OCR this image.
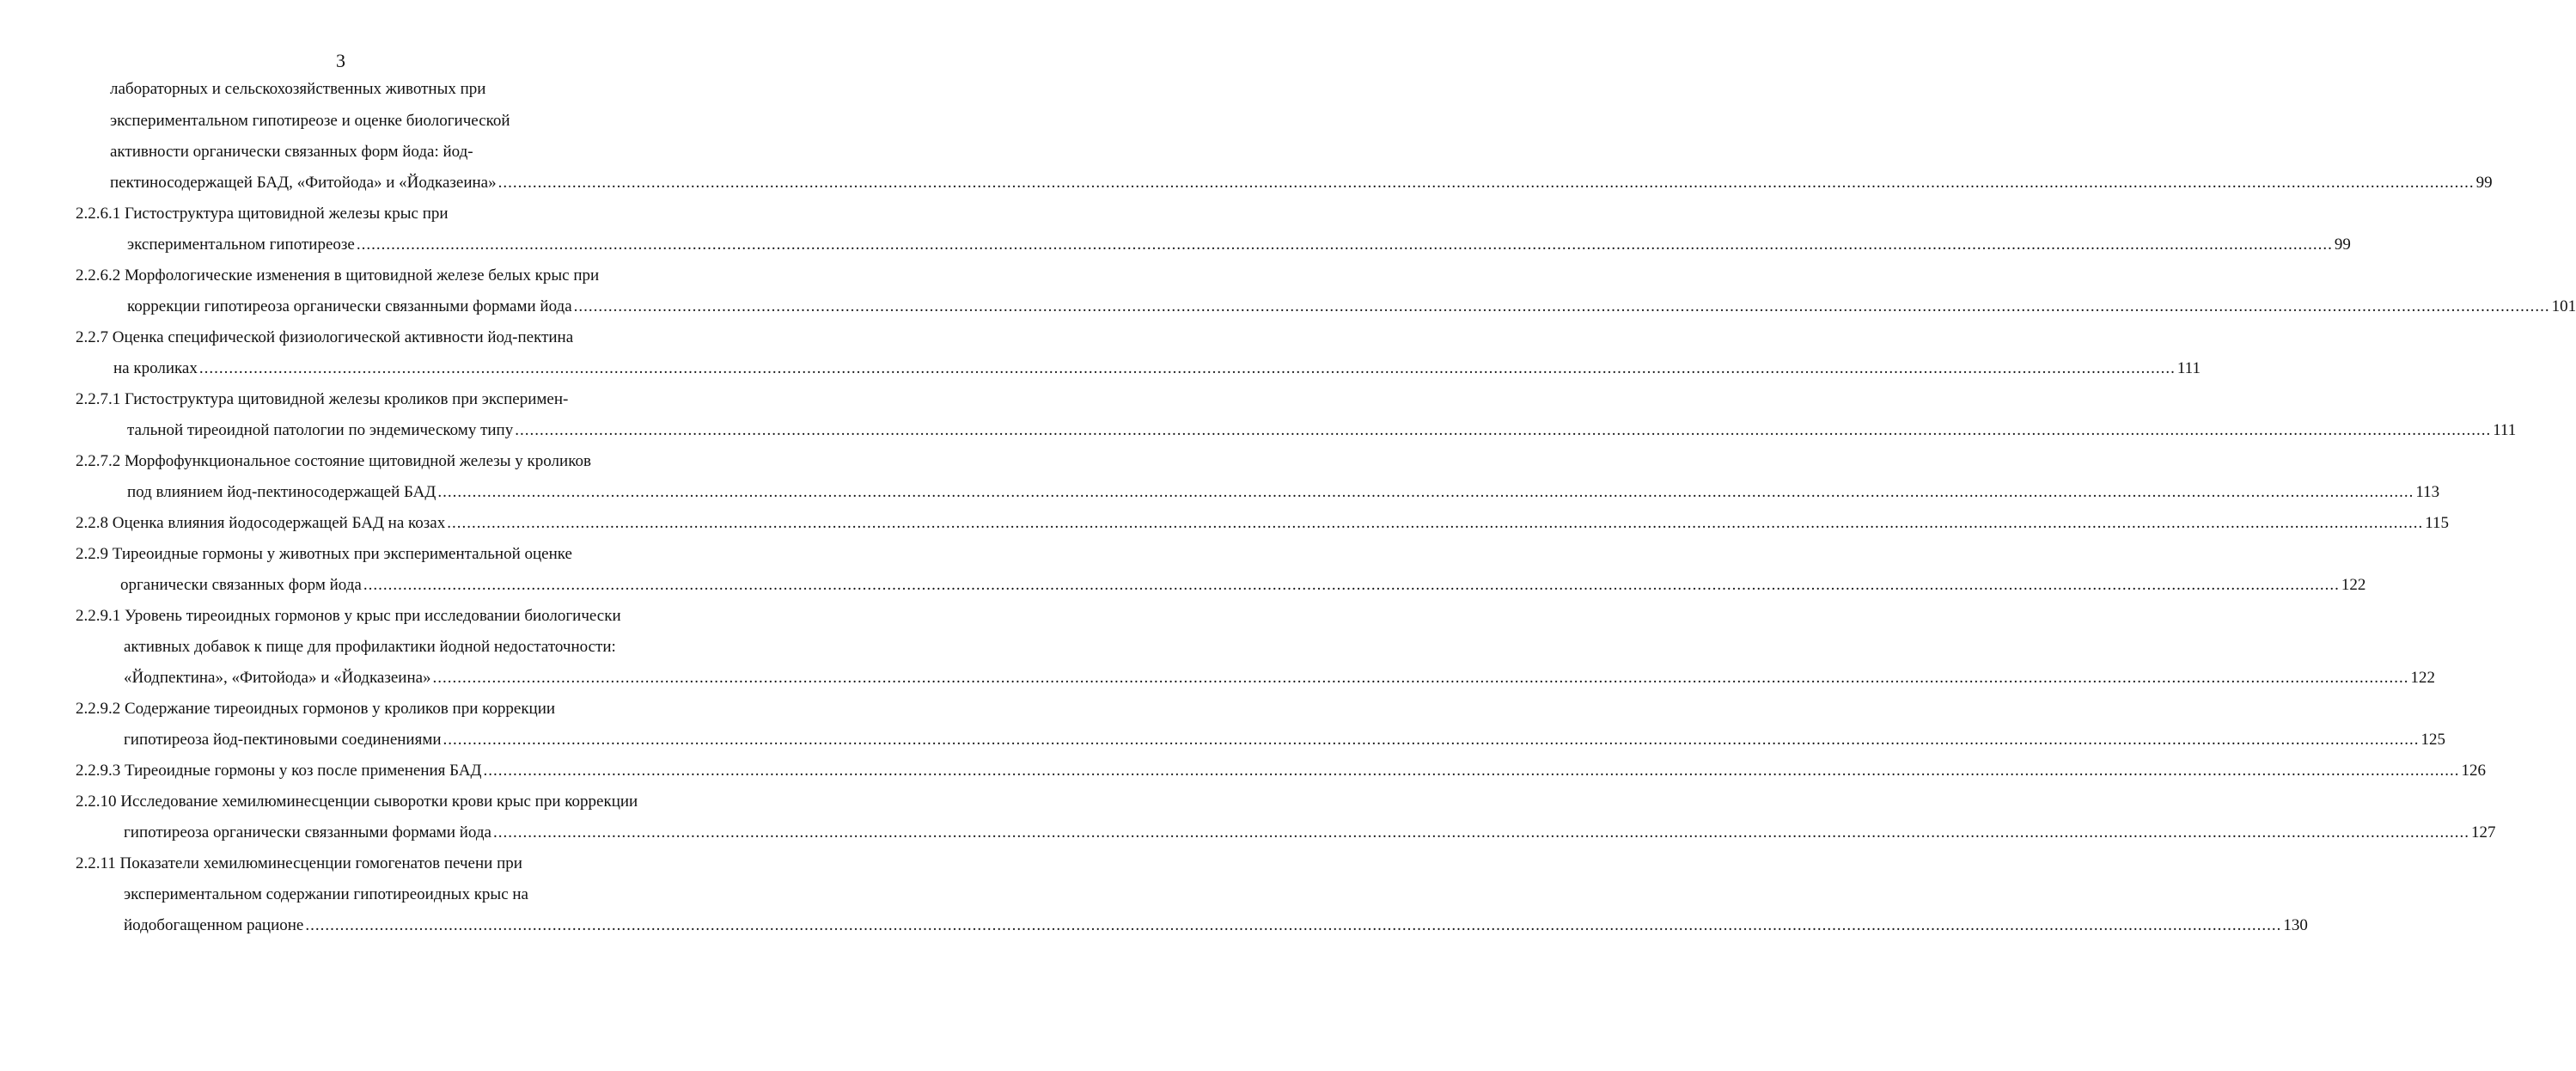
3
лабораторных и сельскохозяйственных животных при
экспериментальном гипотиреозе и оценке биологической
активности органически связанных форм йода: йод-
пектиносодержащей БАД, «Фитойода» и «Йодказеина» ................................................................................................................................................................................................................................................................................................................................................................................................................ 99
2.2.6.1 Гистоструктура щитовидной железы крыс при
экспериментальном гипотиреозе ................................................................................................................................................................................................................................................................................................................................................................................................................ 99
2.2.6.2 Морфологические изменения в щитовидной железе белых крыс при
коррекции гипотиреоза органически связанными формами йода ................................................................................................................................................................................................................................................................................................................................................................................................................ 101
2.2.7 Оценка специфической физиологической активности йод-пектина
на кроликах ................................................................................................................................................................................................................................................................................................................................................................................................................ 111
2.2.7.1 Гистоструктура щитовидной железы кроликов при эксперимен-
тальной тиреоидной патологии по эндемическому типу ................................................................................................................................................................................................................................................................................................................................................................................................................ 111
2.2.7.2 Морфофункциональное состояние щитовидной железы у кроликов
под влиянием йод-пектиносодержащей БАД ................................................................................................................................................................................................................................................................................................................................................................................................................ 113
2.2.8 Оценка влияния йодосодержащей БАД на козах ................................................................................................................................................................................................................................................................................................................................................................................................................ 115
2.2.9 Тиреоидные гормоны у животных при экспериментальной оценке
органически связанных форм йода ................................................................................................................................................................................................................................................................................................................................................................................................................ 122
2.2.9.1 Уровень тиреоидных гормонов у крыс при исследовании биологически
активных добавок к пище для профилактики йодной недостаточности:
«Йодпектина», «Фитойода» и «Йодказеина» ................................................................................................................................................................................................................................................................................................................................................................................................................ 122
2.2.9.2 Содержание тиреоидных гормонов у кроликов при коррекции
гипотиреоза йод-пектиновыми соединениями ................................................................................................................................................................................................................................................................................................................................................................................................................ 125
2.2.9.3 Тиреоидные гормоны у коз после применения БАД ................................................................................................................................................................................................................................................................................................................................................................................................................ 126
2.2.10 Исследование хемилюминесценции сыворотки крови крыс при коррекции
гипотиреоза органически связанными формами йода ................................................................................................................................................................................................................................................................................................................................................................................................................ 127
2.2.11 Показатели хемилюминесценции гомогенатов печени при
экспериментальном содержании гипотиреоидных крыс на
йодобогащенном рационе ................................................................................................................................................................................................................................................................................................................................................................................................................ 130
